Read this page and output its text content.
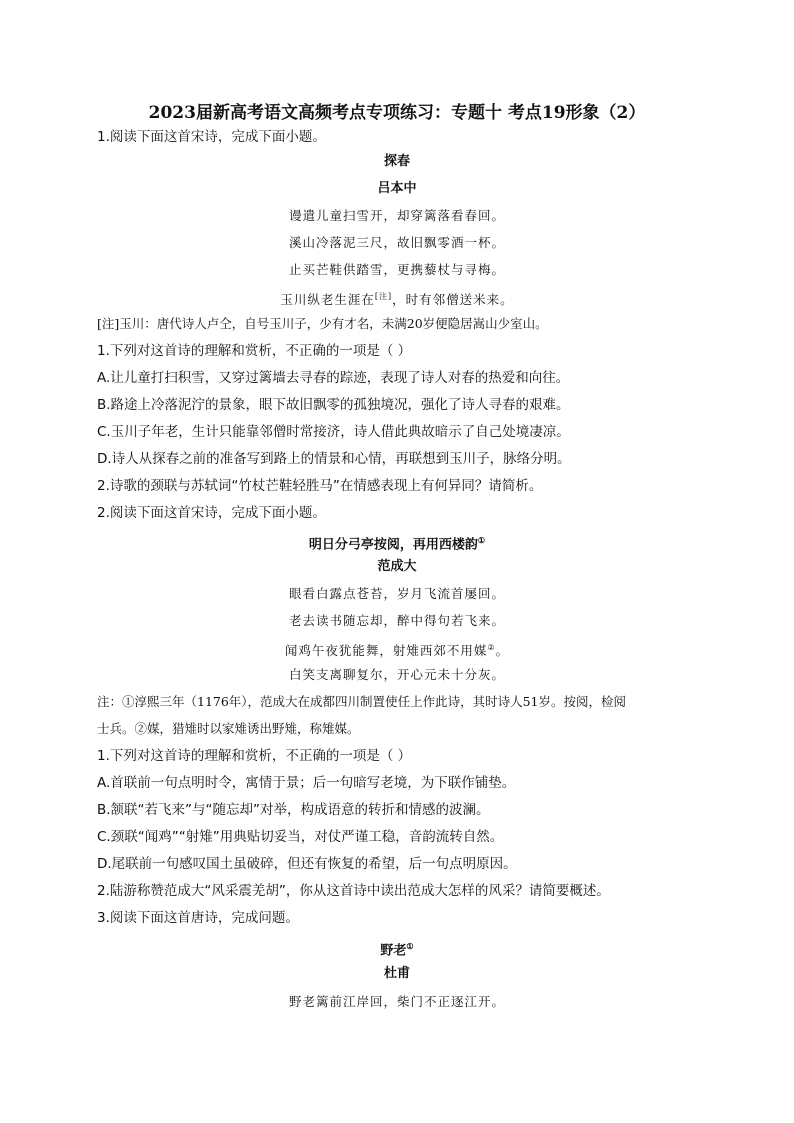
2023届新高考语文高频考点专项练习：专题十 考点19形象（2）
1.阅读下面这首宋诗，完成下面小题。
探春
吕本中
谩遣儿童扫雪开，却穿篱落看春回。
溪山冷落泥三尺，故旧飘零酒一杯。
止买芒鞋供踏雪，更携藜杖与寻梅。
玉川纵老生涯在[注]，时有邻僧送米来。
[注]玉川：唐代诗人卢仝，自号玉川子，少有才名，未满20岁便隐居嵩山少室山。
1.下列对这首诗的理解和赏析，不正确的一项是（ ）
A.让儿童打扫积雪，又穿过篱墙去寻春的踪迹，表现了诗人对春的热爱和向往。
B.路途上冷落泥泞的景象，眼下故旧飘零的孤独境况，强化了诗人寻春的艰难。
C.玉川子年老，生计只能靠邻僧时常接济，诗人借此典故暗示了自己处境凄凉。
D.诗人从探春之前的准备写到路上的情景和心情，再联想到玉川子，脉络分明。
2.诗歌的颈联与苏轼词“竹杖芒鞋轻胜马”在情感表现上有何异同？请简析。
2.阅读下面这首宋诗，完成下面小题。
明日分弓亭按阅，再用西楼韵①
范成大
眼看白露点苍苔，岁月飞流首屡回。
老去读书随忘却，醉中得句若飞来。
闻鸡午夜犹能舞，射雉西郊不用媒②。
白笑支离聊复尔，开心元未十分灰。
注：①淳熙三年（1176年），范成大在成都四川制置使任上作此诗，其时诗人51岁。按阅，检阅
士兵。②媒，猎雉时以家雉诱出野雉，称雉媒。
1.下列对这首诗的理解和赏析，不正确的一项是（ ）
A.首联前一句点明时令，寓情于景；后一句暗写老境，为下联作铺垫。
B.颔联“若飞来”与“随忘却”对举，构成语意的转折和情感的波澜。
C.颈联“闻鸡”“射雉”用典贴切妥当，对仗严谨工稳，音韵流转自然。
D.尾联前一句感叹国土虽破碎，但还有恢复的希望，后一句点明原因。
2.陆游称赞范成大“风采震羌胡”，你从这首诗中读出范成大怎样的风采？请简要概述。
3.阅读下面这首唐诗，完成问题。
野老①
杜甫
野老篱前江岸回，柴门不正逐江开。
